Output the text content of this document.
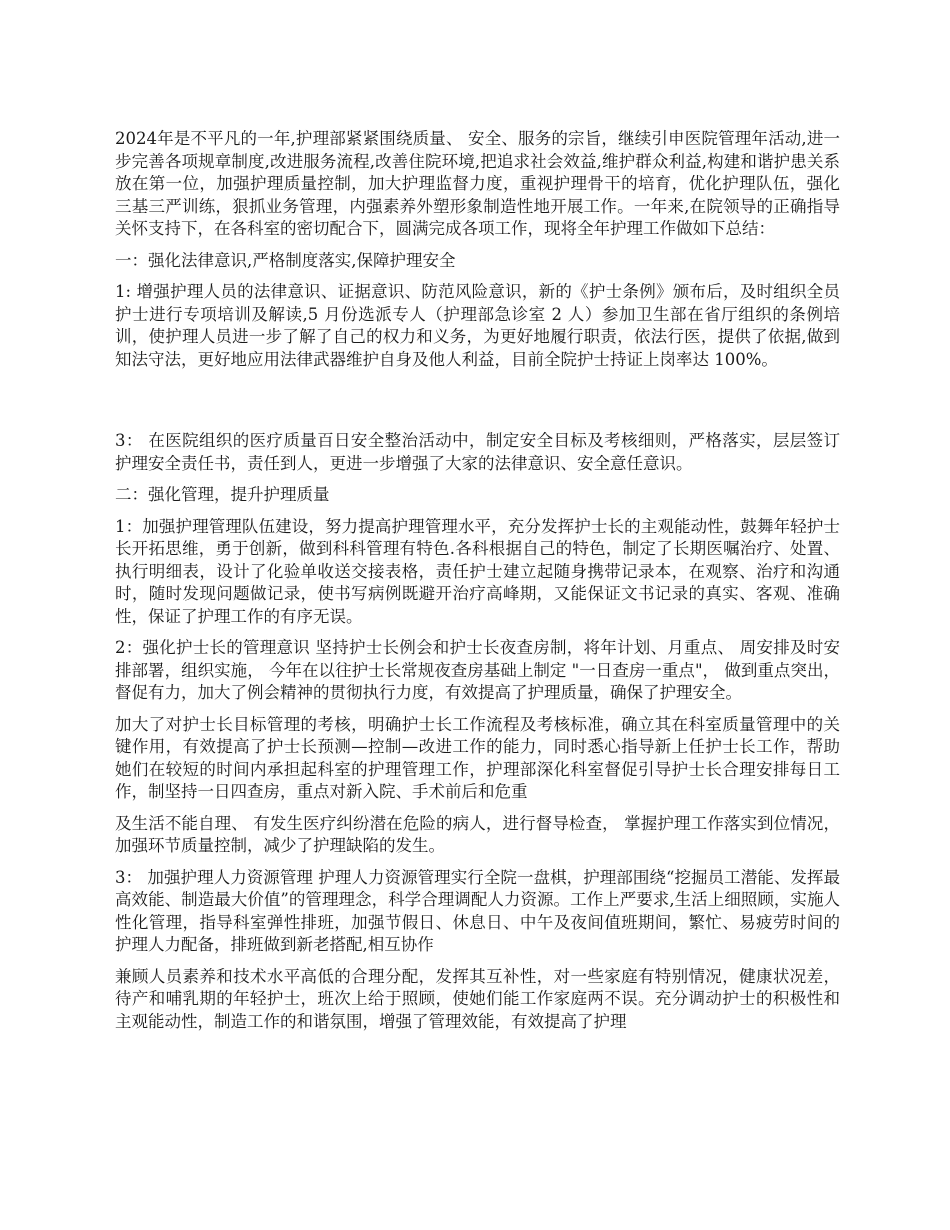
2024年是不平凡的一年,护理部紧紧围绕质量、 安全、服务的宗旨，继续引申医院管理年活动,进一步完善各项规章制度,改进服务流程,改善住院环境,把追求社会效益,维护群众利益,构建和谐护患关系放在第一位，加强护理质量控制，加大护理监督力度，重视护理骨干的培育，优化护理队伍，强化三基三严训练，狠抓业务管理，内强素养外塑形象制造性地开展工作。一年来,在院领导的正确指导关怀支持下，在各科室的密切配合下，圆满完成各项工作，现将全年护理工作做如下总结：

一：强化法律意识,严格制度落实,保障护理安全

1: 增强护理人员的法律意识、证据意识、防范风险意识，新的《护士条例》颁布后，及时组织全员护士进行专项培训及解读,5 月份选派专人（护理部急诊室 2 人）参加卫生部在省厅组织的条例培训，使护理人员进一步了解了自己的权力和义务，为更好地履行职责，依法行医，提供了依据,做到知法守法，更好地应用法律武器维护自身及他人利益，目前全院护士持证上岗率达 100%。

3： 在医院组织的医疗质量百日安全整治活动中，制定安全目标及考核细则，严格落实，层层签订护理安全责任书，责任到人，更进一步增强了大家的法律意识、安全意任意识。

二：强化管理，提升护理质量

1：加强护理管理队伍建设，努力提高护理管理水平，充分发挥护士长的主观能动性，鼓舞年轻护士长开拓思维，勇于创新，做到科科管理有特色.各科根据自己的特色，制定了长期医嘱治疗、处置、执行明细表，设计了化验单收送交接表格，责任护士建立起随身携带记录本，在观察、治疗和沟通时，随时发现问题做记录，使书写病例既避开治疗高峰期，又能保证文书记录的真实、客观、准确性，保证了护理工作的有序无误。

2：强化护士长的管理意识 坚持护士长例会和护士长夜查房制，将年计划、月重点、 周安排及时安排部署，组织实施， 今年在以往护士长常规夜查房基础上制定 "一日查房一重点"， 做到重点突出，督促有力，加大了例会精神的贯彻执行力度，有效提高了护理质量，确保了护理安全。

加大了对护士长目标管理的考核，明确护士长工作流程及考核标准，确立其在科室质量管理中的关键作用，有效提高了护士长预测—控制—改进工作的能力，同时悉心指导新上任护士长工作，帮助她们在较短的时间内承担起科室的护理管理工作，护理部深化科室督促引导护士长合理安排每日工作，制坚持一日四查房，重点对新入院、手术前后和危重

及生活不能自理、 有发生医疗纠纷潜在危险的病人，进行督导检查， 掌握护理工作落实到位情况， 加强环节质量控制，减少了护理缺陷的发生。

3： 加强护理人力资源管理 护理人力资源管理实行全院一盘棋，护理部围绕“挖掘员工潜能、发挥最高效能、制造最大价值”的管理理念，科学合理调配人力资源。工作上严要求,生活上细照顾，实施人性化管理，指导科室弹性排班，加强节假日、休息日、中午及夜间值班期间，繁忙、易疲劳时间的护理人力配备，排班做到新老搭配,相互协作

兼顾人员素养和技术水平高低的合理分配，发挥其互补性，对一些家庭有特别情况，健康状况差，待产和哺乳期的年轻护士，班次上给于照顾，使她们能工作家庭两不误。充分调动护士的积极性和主观能动性，制造工作的和谐氛围，增强了管理效能，有效提高了护理
